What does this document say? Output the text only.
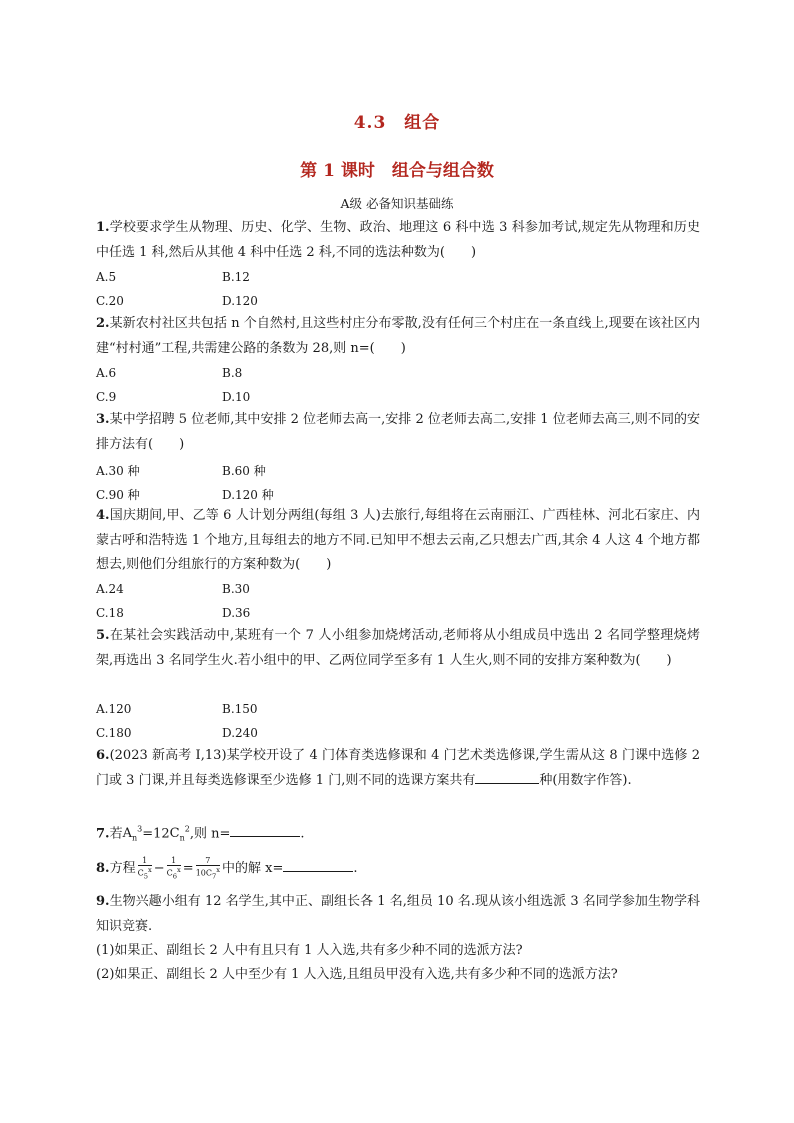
4.3　组合
第 1 课时　组合与组合数
A级 必备知识基础练
1.学校要求学生从物理、历史、化学、生物、政治、地理这 6 科中选 3 科参加考试,规定先从物理和历史中任选 1 科,然后从其他 4 科中任选 2 科,不同的选法种数为(　　)
A.5	B.12
C.20	D.120
2.某新农村社区共包括 n 个自然村,且这些村庄分布零散,没有任何三个村庄在一条直线上,现要在该社区内建“村村通”工程,共需建公路的条数为 28,则 n=(　　)
A.6	B.8
C.9	D.10
3.某中学招聘 5 位老师,其中安排 2 位老师去高一,安排 2 位老师去高二,安排 1 位老师去高三,则不同的安排方法有(　　)
A.30 种	B.60 种
C.90 种	D.120 种
4.国庆期间,甲、乙等 6 人计划分两组(每组 3 人)去旅行,每组将在云南丽江、广西桂林、河北石家庄、内蒙古呼和浩特选 1 个地方,且每组去的地方不同.已知甲不想去云南,乙只想去广西,其余 4 人这 4 个地方都想去,则他们分组旅行的方案种数为(　　)
A.24	B.30
C.18	D.36
5.在某社会实践活动中,某班有一个 7 人小组参加烧烤活动,老师将从小组成员中选出 2 名同学整理烧烤架,再选出 3 名同学生火.若小组中的甲、乙两位同学至多有 1 人生火,则不同的安排方案种数为(　　)
A.120	B.150
C.180	D.240
6.(2023 新高考 Ⅰ,13)某学校开设了 4 门体育类选修课和 4 门艺术类选修课,学生需从这 8 门课中选修 2 门或 3 门课,并且每类选修课至少选修 1 门,则不同的选课方案共有	种(用数字作答).
7.若$A_n^3=12C_n^2$,则 n=	.
8.方程 $\frac{1}{C_5^x} - \frac{1}{C_6^x} = \frac{7}{10C_7^x}$ 中的解 x=	.
9.生物兴趣小组有 12 名学生,其中正、副组长各 1 名,组员 10 名.现从该小组选派 3 名同学参加生物学科知识竞赛.
(1)如果正、副组长 2 人中有且只有 1 人入选,共有多少种不同的选派方法?
(2)如果正、副组长 2 人中至少有 1 人入选,且组员甲没有入选,共有多少种不同的选派方法?
